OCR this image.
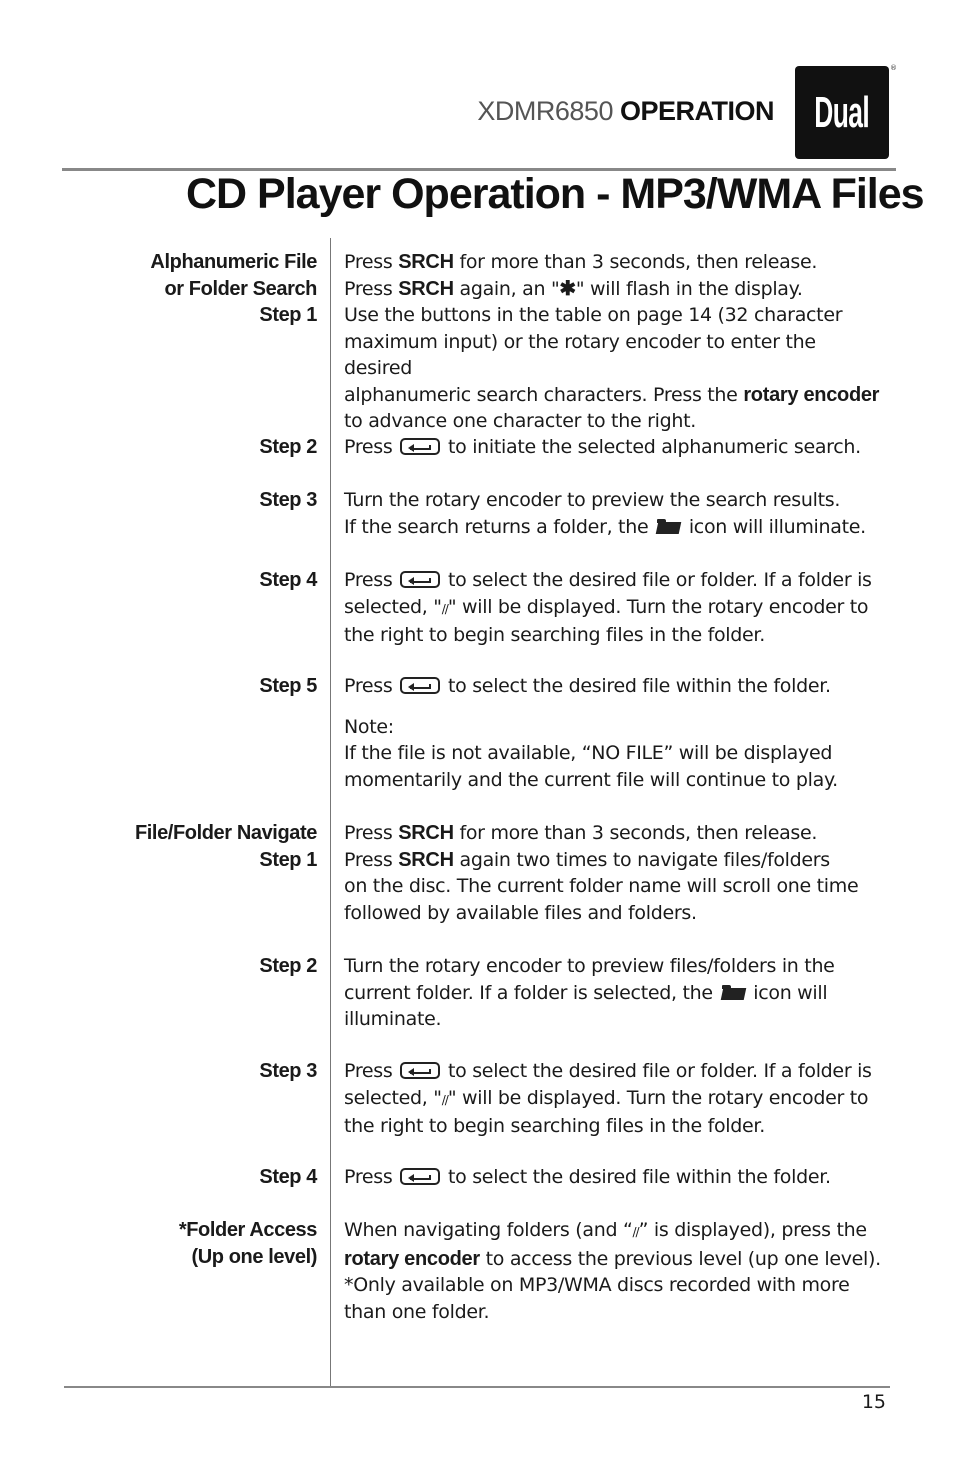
XDMR6850 OPERATION Dual
®
CD Player Operation - MP3/WMA Files
Alphanumeric File
or Folder Search
Step 1

Press SRCH for more than 3 seconds, then release.

Press SRCH again, an "✱" will flash in the display.

Use the buttons in the table on page 14 (32 character

maximum input) or the rotary encoder to enter the desired

alphanumeric search characters. Press the rotary encoder

to advance one character to the right.

Step 2 Press  to initiate the selected alphanumeric search.

Step 3 Turn the rotary encoder to preview the search results.

If the search returns a folder, the  icon will illuminate.

Step 4 Press  to select the desired file or folder. If a folder is

selected, "//" will be displayed. Turn the rotary encoder to

the right to begin searching files in the folder.

Step 5 Press  to select the desired file within the folder.

Note:

If the file is not available, “NO FILE” will be displayed

momentarily and the current file will continue to play.

File/Folder Navigate
Step 1

Press SRCH for more than 3 seconds, then release.

Press SRCH again two times to navigate files/folders

on the disc. The current folder name will scroll one time

followed by available files and folders.

Step 2 Turn the rotary encoder to preview files/folders in the

current folder. If a folder is selected, the  icon will

illuminate.

Step 3 Press  to select the desired file or folder. If a folder is

selected, "//" will be displayed. Turn the rotary encoder to

the right to begin searching files in the folder.

Step 4 Press  to select the desired file within the folder.

*Folder Access
(Up one level)

When navigating folders (and “//” is displayed), press the

rotary encoder to access the previous level (up one level).

*Only available on MP3/WMA discs recorded with more

than one folder.

15
